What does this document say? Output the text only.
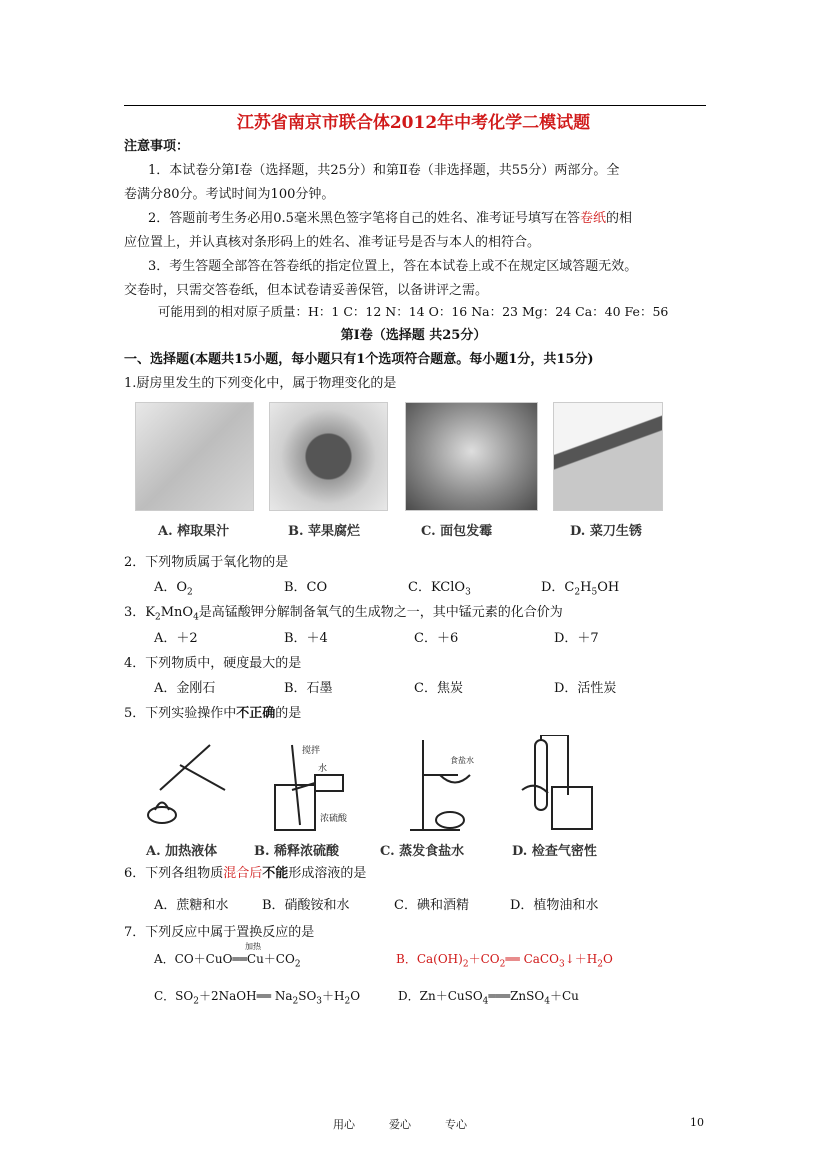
江苏省南京市联合体2012年中考化学二模试题
注意事项：
1．本试卷分第Ⅰ卷（选择题，共25分）和第Ⅱ卷（非选择题，共55分）两部分。全
卷满分80分。考试时间为100分钟。
2．答题前考生务必用0.5毫米黑色签字笔将自己的姓名、准考证号填写在答卷纸的相
应位置上，并认真核对条形码上的姓名、准考证号是否与本人的相符合。
3．考生答题全部答在答卷纸的指定位置上，答在本试卷上或不在规定区域答题无效。
交卷时，只需交答卷纸，但本试卷请妥善保管，以备讲评之需。
可能用到的相对原子质量：H：1 C：12 N：14 O：16 Na：23 Mg：24 Ca：40 Fe：56
第Ⅰ卷（选择题 共25分）
一、选择题(本题共15小题，每小题只有1个选项符合题意。每小题1分，共15分)
1.厨房里发生的下列变化中，属于物理变化的是
A. 榨取果汁	B. 苹果腐烂	C. 面包发霉	D. 菜刀生锈
2．下列物质属于氧化物的是
A．$O_2$	B．CO	C．KClO$_3$	D．$C_2H_5OH$
3．$K_2MnO_4$是高锰酸钾分解制备氧气的生成物之一，其中锰元素的化合价为
A．＋2	B．＋4	C．＋6	D．＋7
4．下列物质中，硬度最大的是
A．金刚石	B．石墨	C．焦炭	D．活性炭
5．下列实验操作中不正确的是
搅拌
水
浓硫酸
食盐水
A. 加热液体	B. 稀释浓硫酸	C. 蒸发食盐水	D. 检查气密性
6．下列各组物质混合后不能形成溶液的是
A．蔗糖和水	B．硝酸铵和水	C．碘和酒精	D．植物油和水
7．下列反应中属于置换反应的是
加热
A．$CO+CuO══Cu+CO_2$	B．$Ca(OH)_2+CO_2══$ $CaCO_3↓+H_2O$
C．$SO_2+2NaOH══$ $Na_2SO_3+H_2O$	D．Zn＋CuSO$_4$═══ZnSO$_4$＋Cu
用心	爱心	专心	10
